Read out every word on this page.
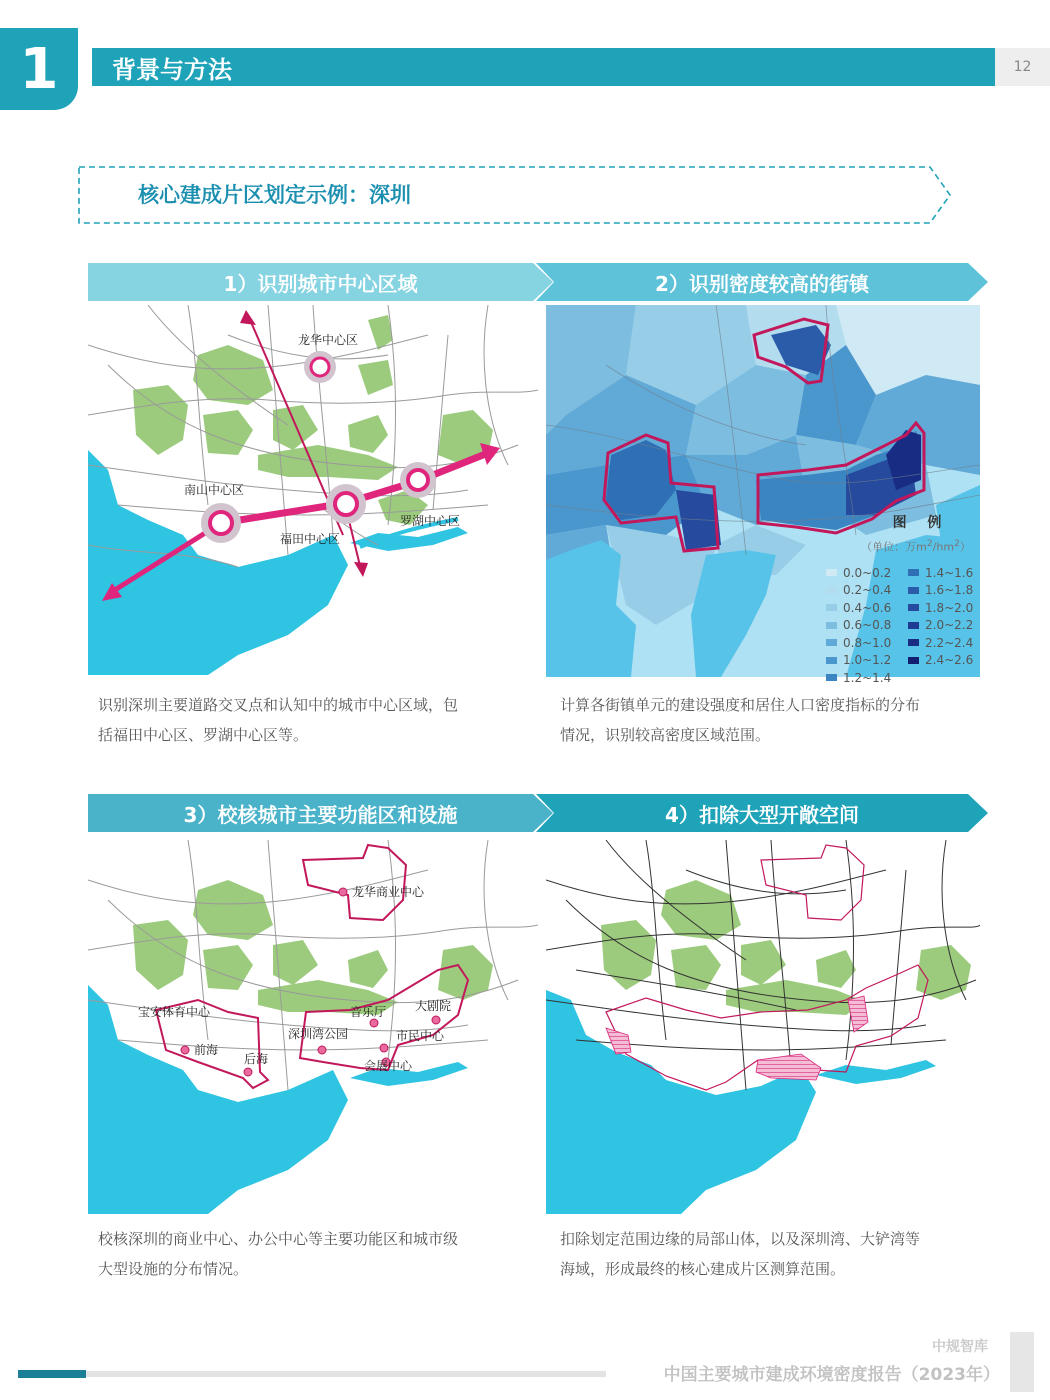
1	背景与方法	12
核心建成片区划定示例：深圳
1）识别城市中心区域	2）识别密度较高的街镇
3）校核城市主要功能区和设施	4）扣除大型开敞空间
龙华中心区
南山中心区
福田中心区
罗湖中心区	图 例
（单位：万$m^2/hm^2$）
0.0~0.2	1.4~1.6
0.2~0.4	1.6~1.8
0.4~0.6	1.8~2.0
0.6~0.8	2.0~2.2
0.8~1.0	2.2~2.4
1.0~1.2	2.4~2.6
1.2~1.4
龙华商业中心
宝安体育中心
前海
后海
深圳湾公园
音乐厅 大剧院
市民中心
会展中心
识别深圳主要道路交叉点和认知中的城市中心区域，包
括福田中心区、罗湖中心区等。
计算各街镇单元的建设强度和居住人口密度指标的分布
情况，识别较高密度区域范围。
校核深圳的商业中心、办公中心等主要功能区和城市级
大型设施的分布情况。
扣除划定范围边缘的局部山体，以及深圳湾、大铲湾等
海域，形成最终的核心建成片区测算范围。
中规智库
中国主要城市建成环境密度报告（2023年）
